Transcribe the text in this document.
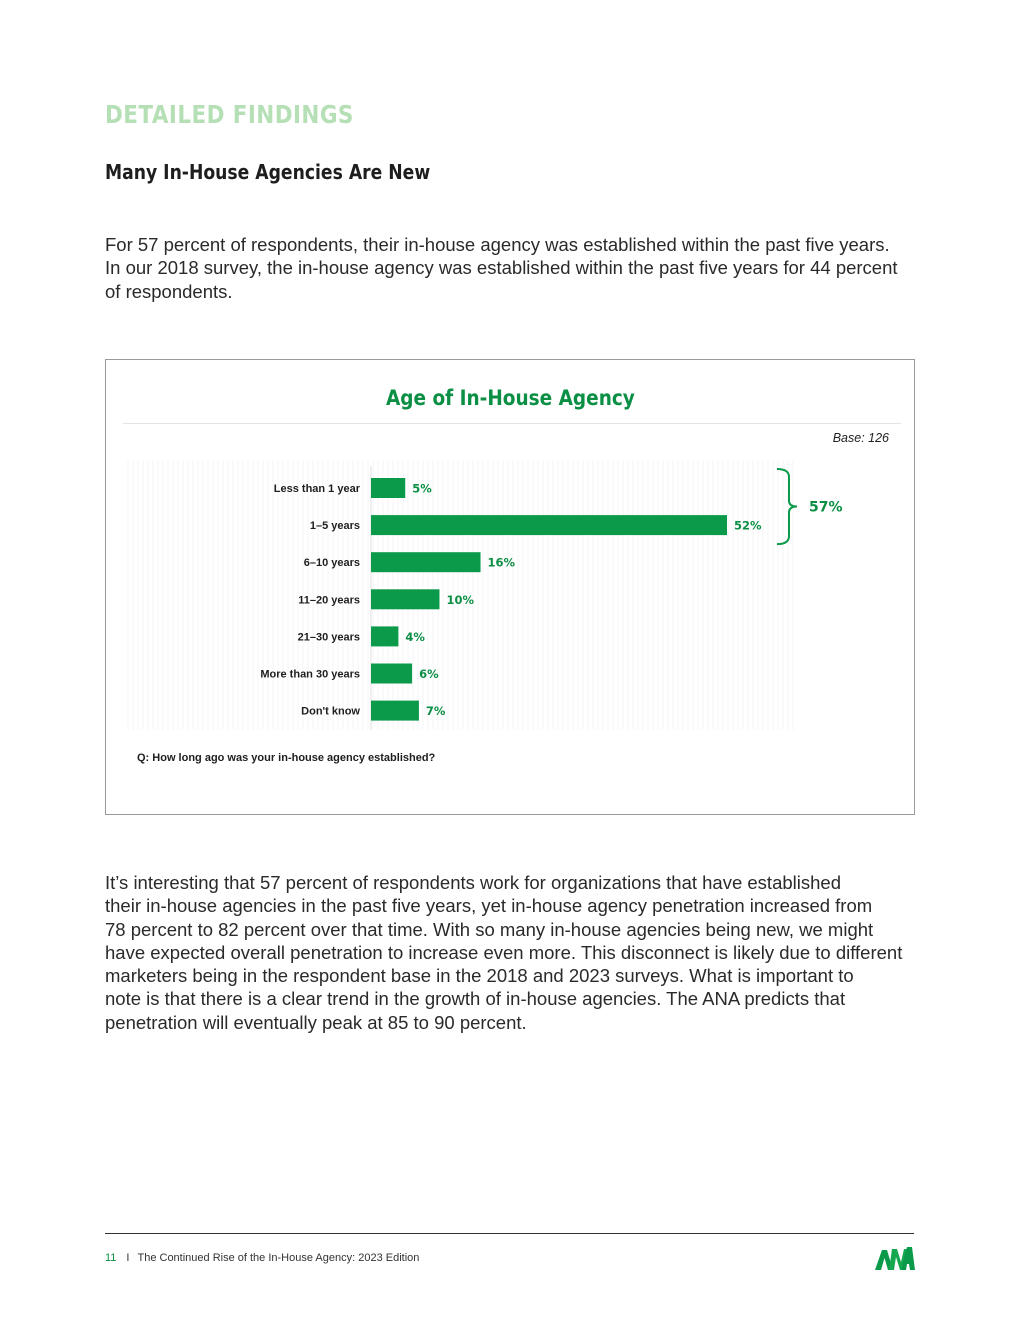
DETAILED FINDINGS
Many In-House Agencies Are New

For 57 percent of respondents, their in-house agency was established within the past five years.
In our 2018 survey, the in-house agency was established within the past five years for 44 percent
of respondents.

Age of In-House Agency
Base: 126
Less than 1 year	5%
1–5 years	52%
6–10 years	16%
11–20 years	10%
21–30 years	4%
More than 30 years	6%
Don't know	7%
57%
Q: How long ago was your in-house agency established?

It’s interesting that 57 percent of respondents work for organizations that have established
their in-house agencies in the past five years, yet in-house agency penetration increased from
78 percent to 82 percent over that time. With so many in-house agencies being new, we might
have expected overall penetration to increase even more. This disconnect is likely due to different
marketers being in the respondent base in the 2018 and 2023 surveys. What is important to
note is that there is a clear trend in the growth of in-house agencies. The ANA predicts that
penetration will eventually peak at 85 to 90 percent.

11 I The Continued Rise of the In-House Agency: 2023 Edition
